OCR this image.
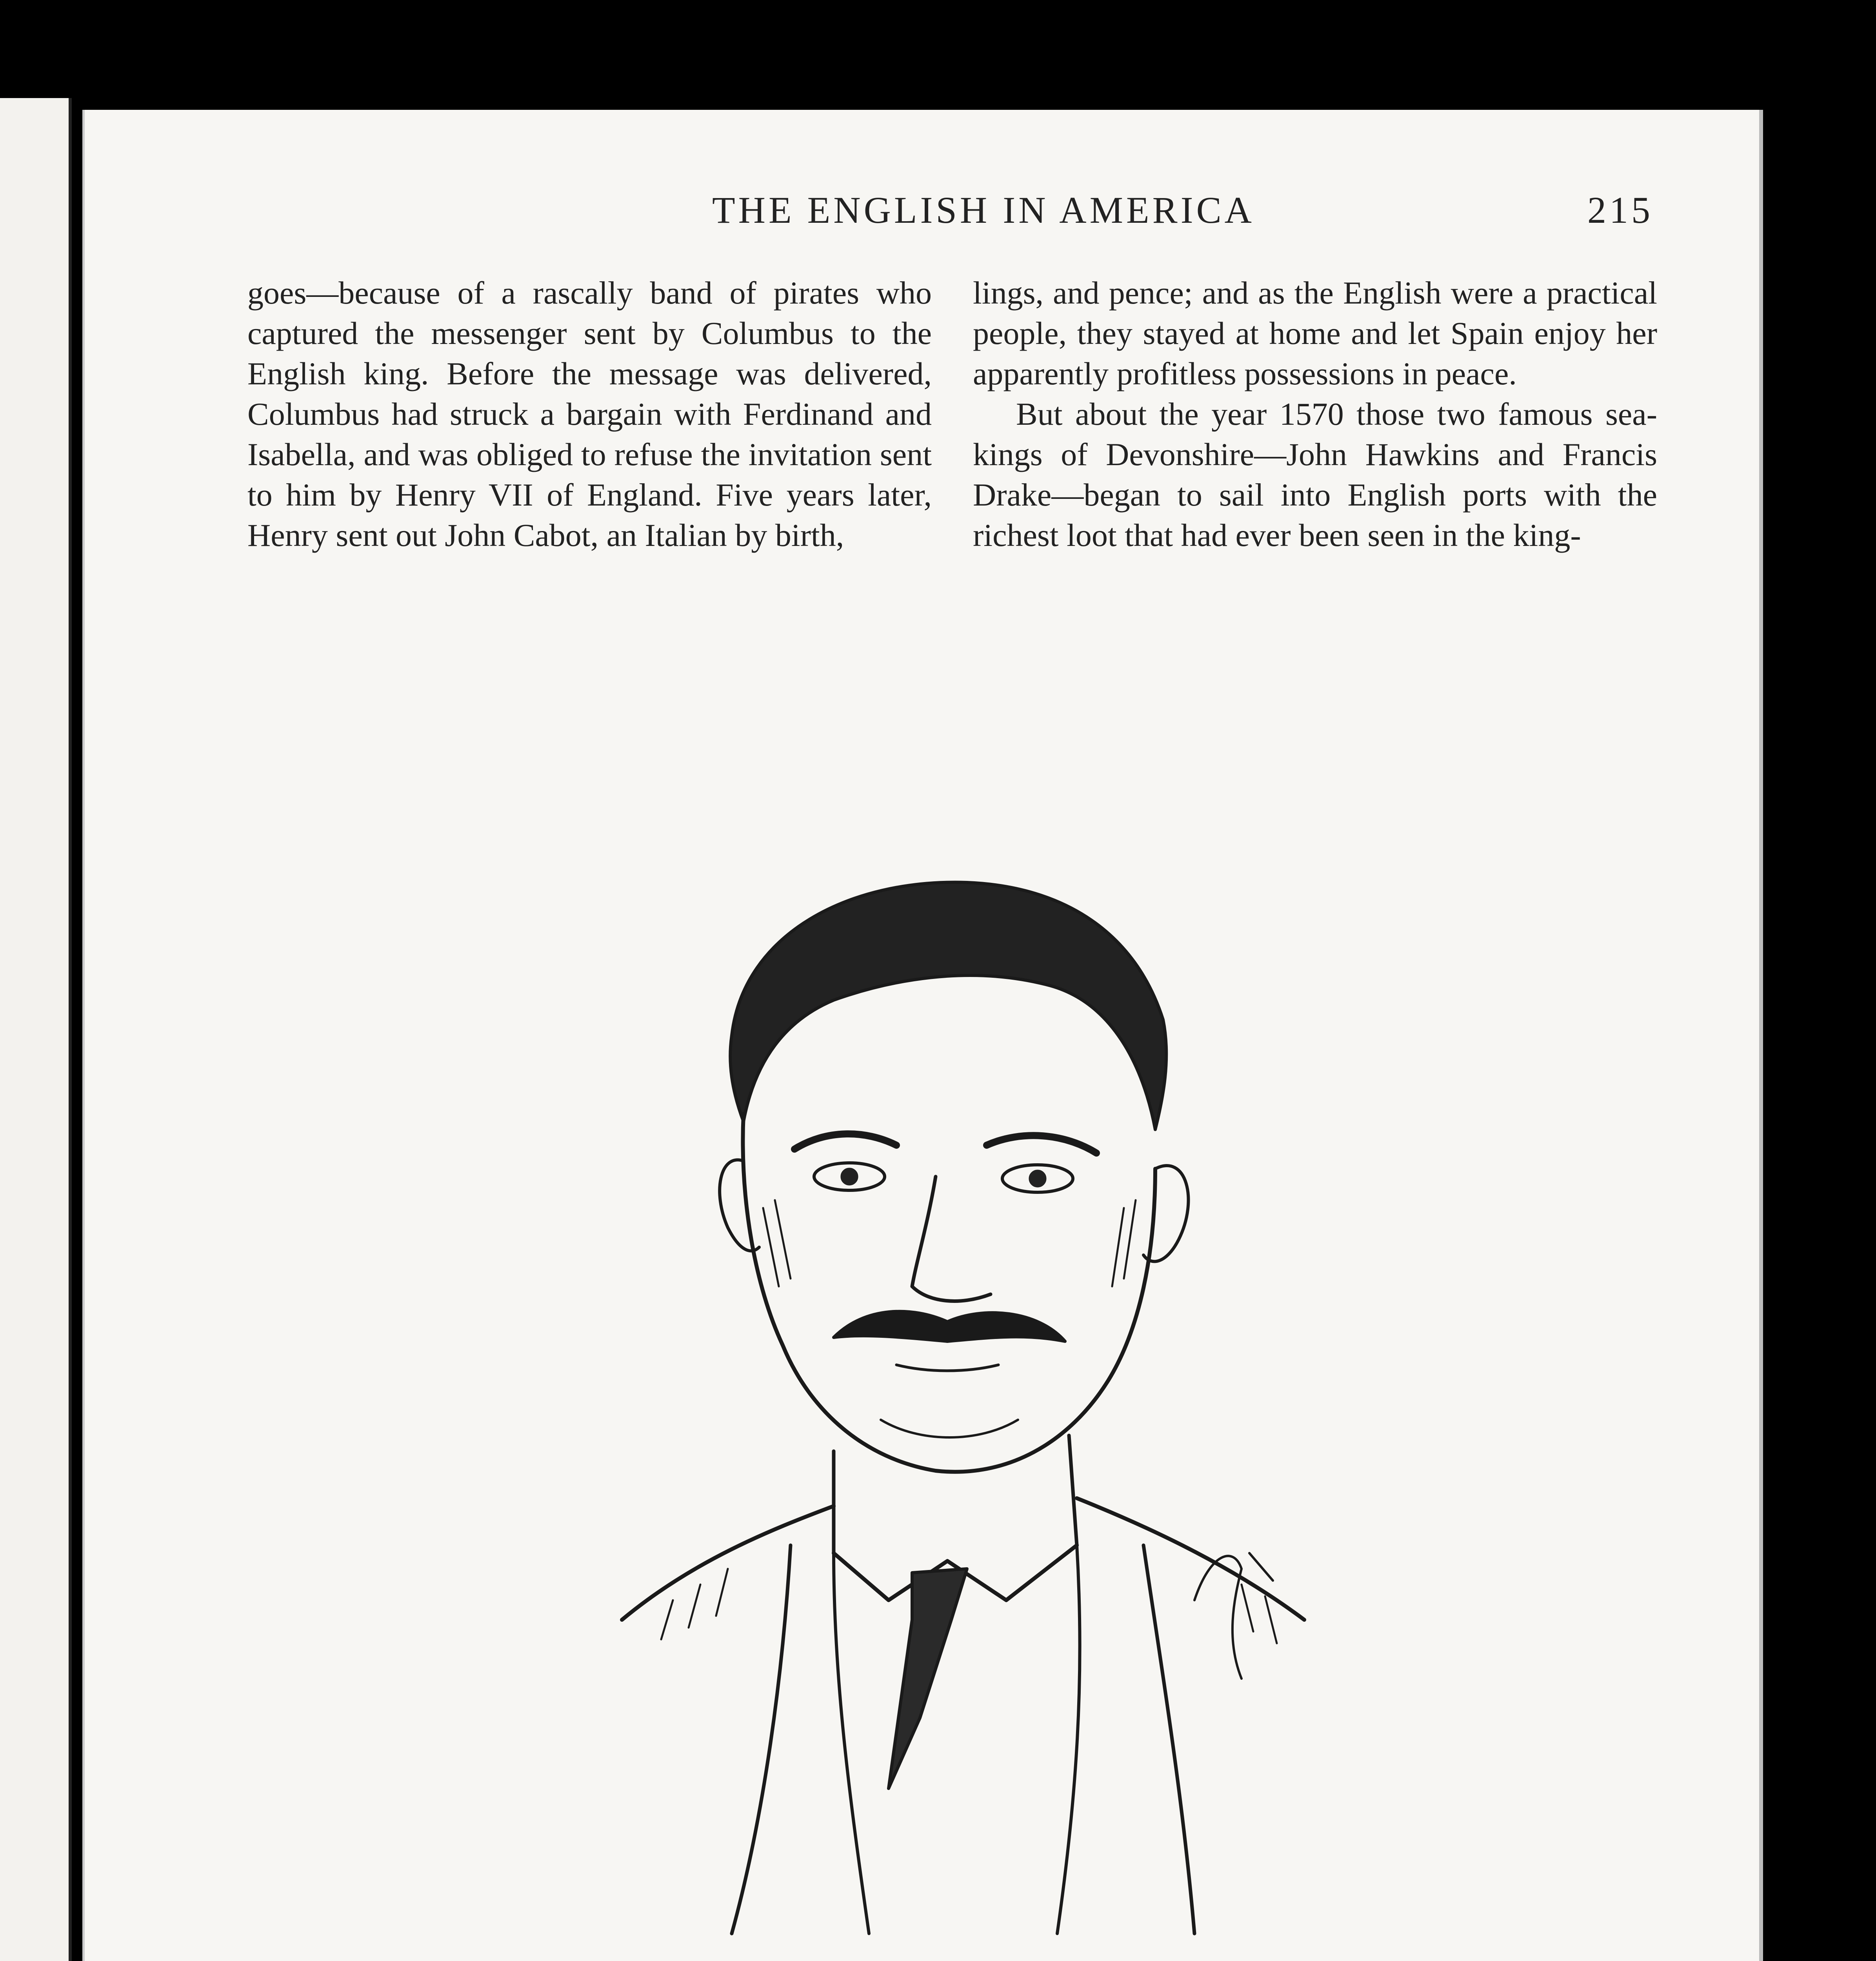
THE ENGLISH IN AMERICA	215

goes—because of a rascally band of pirates who captured the messenger sent by Columbus to the English king. Before the message was delivered, Columbus had struck a bargain with Ferdinand and Isabella, and was obliged to refuse the invitation sent to him by Henry VII of England. Five years later, Henry sent out John Cabot, an Italian by birth,

lings, and pence; and as the English were a practical people, they stayed at home and let Spain enjoy her apparently profitless possessions in peace.

But about the year 1570 those two famous sea-kings of Devonshire—John Hawkins and Francis Drake—began to sail into English ports with the richest loot that had ever been seen in the king-
